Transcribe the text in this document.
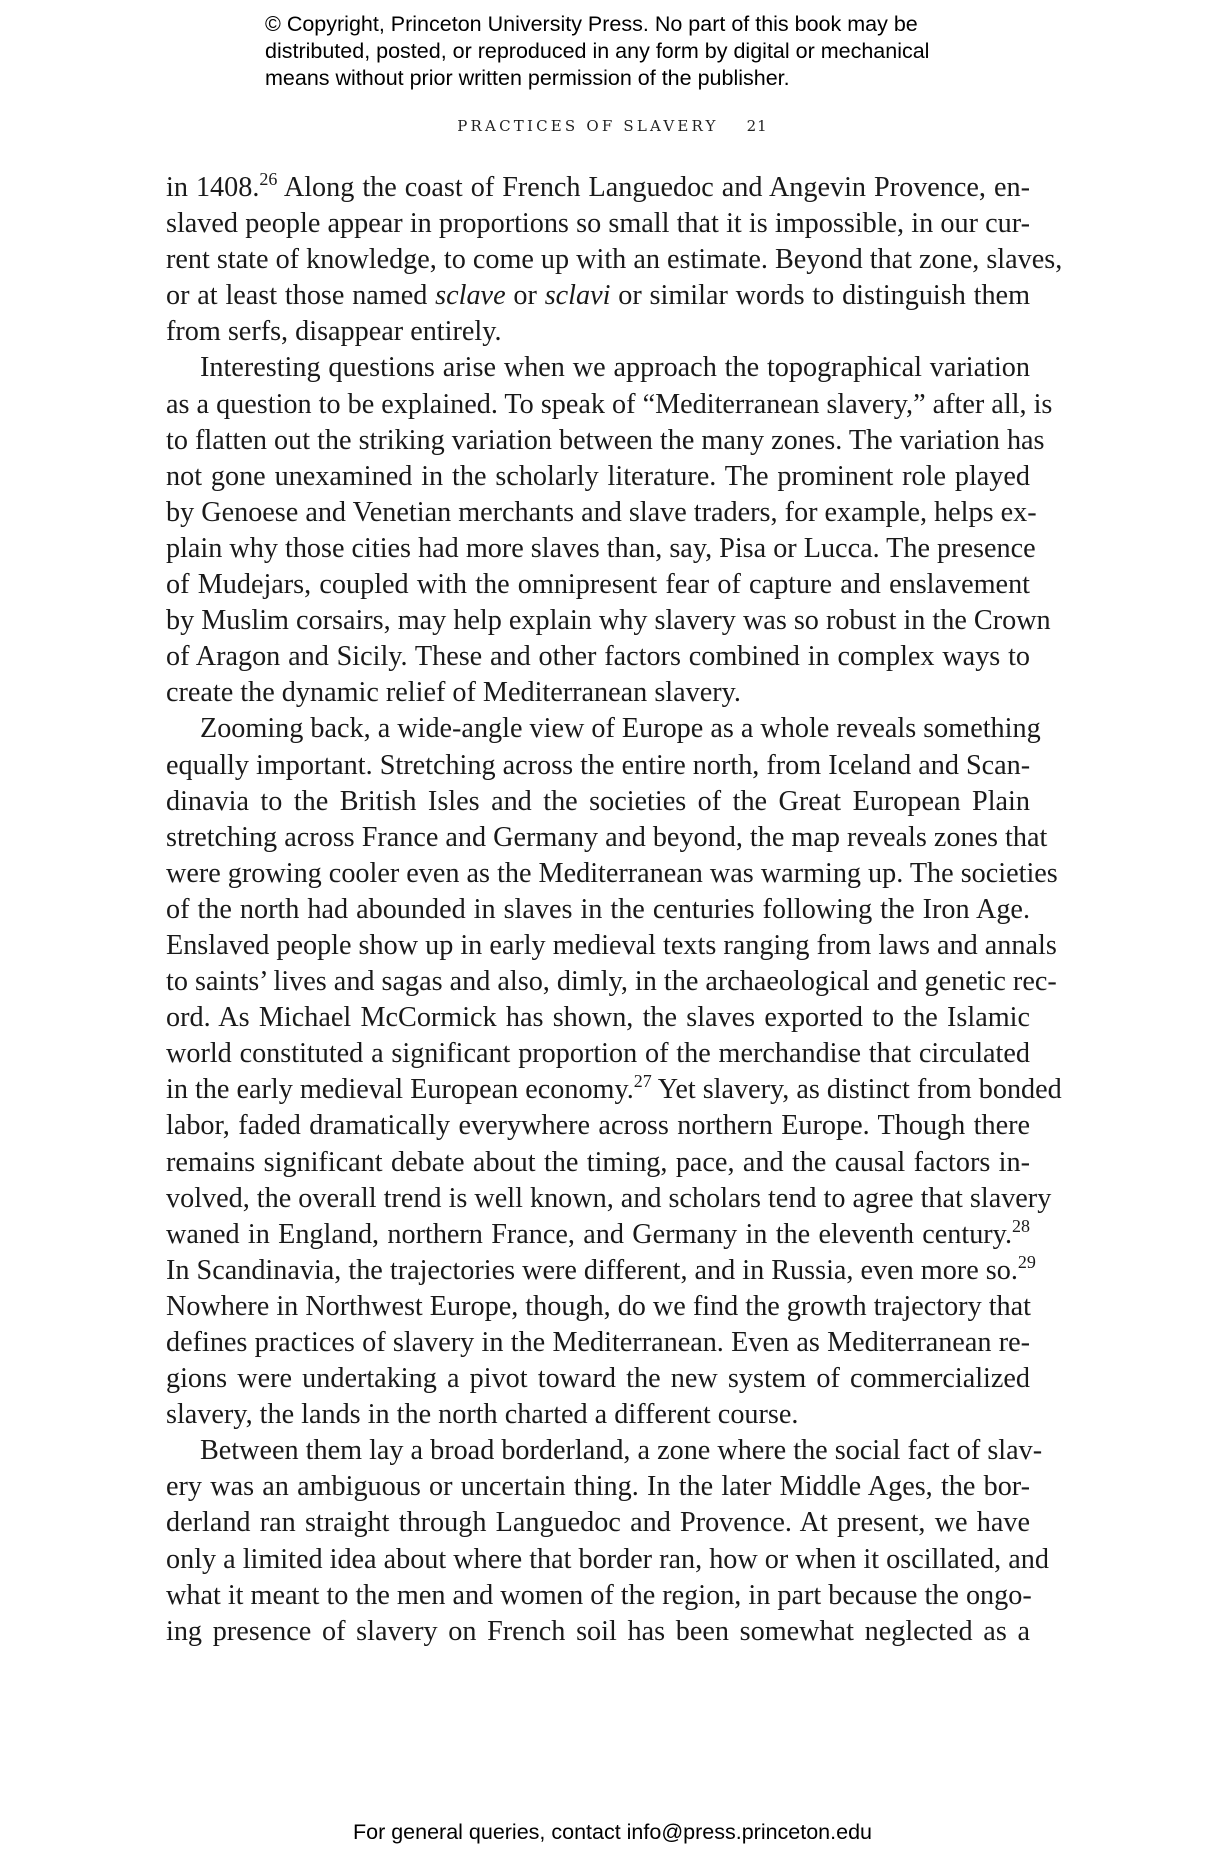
© Copyright, Princeton University Press. No part of this book may be
distributed, posted, or reproduced in any form by digital or mechanical
means without prior written permission of the publisher.
PRACTICES OF SLAVERY 21
in 1408.26 Along the coast of French Languedoc and Angevin Provence, en-
slaved people appear in proportions so small that it is impossible, in our cur-
rent state of knowledge, to come up with an estimate. Beyond that zone, slaves,
or at least those named sclave or sclavi or similar words to distinguish them
from serfs, disappear entirely.
Interesting questions arise when we approach the topographical variation
as a question to be explained. To speak of “Mediterranean slavery,” after all, is
to flatten out the striking variation between the many zones. The variation has
not gone unexamined in the scholarly literature. The prominent role played
by Genoese and Venetian merchants and slave traders, for example, helps ex-
plain why those cities had more slaves than, say, Pisa or Lucca. The presence
of Mudejars, coupled with the omnipresent fear of capture and enslavement
by Muslim corsairs, may help explain why slavery was so robust in the Crown
of Aragon and Sicily. These and other factors combined in complex ways to
create the dynamic relief of Mediterranean slavery.
Zooming back, a wide-angle view of Europe as a whole reveals something
equally important. Stretching across the entire north, from Iceland and Scan-
dinavia to the British Isles and the societies of the Great European Plain
stretching across France and Germany and beyond, the map reveals zones that
were growing cooler even as the Mediterranean was warming up. The societies
of the north had abounded in slaves in the centuries following the Iron Age.
Enslaved people show up in early medieval texts ranging from laws and annals
to saints’ lives and sagas and also, dimly, in the archaeological and genetic rec-
ord. As Michael McCormick has shown, the slaves exported to the Islamic
world constituted a significant proportion of the merchandise that circulated
in the early medieval European economy.$^{27}$ Yet slavery, as distinct from bonded
labor, faded dramatically everywhere across northern Europe. Though there
remains significant debate about the timing, pace, and the causal factors in-
volved, the overall trend is well known, and scholars tend to agree that slavery
waned in England, northern France, and Germany in the eleventh century.$^{28}$
In Scandinavia, the trajectories were different, and in Russia, even more so.$^{29}$
Nowhere in Northwest Europe, though, do we find the growth trajectory that
defines practices of slavery in the Mediterranean. Even as Mediterranean re-
gions were undertaking a pivot toward the new system of commercialized
slavery, the lands in the north charted a different course.
Between them lay a broad borderland, a zone where the social fact of slav-
ery was an ambiguous or uncertain thing. In the later Middle Ages, the bor-
derland ran straight through Languedoc and Provence. At present, we have
only a limited idea about where that border ran, how or when it oscillated, and
what it meant to the men and women of the region, in part because the ongo-
ing presence of slavery on French soil has been somewhat neglected as a
For general queries, contact info@press.princeton.edu
